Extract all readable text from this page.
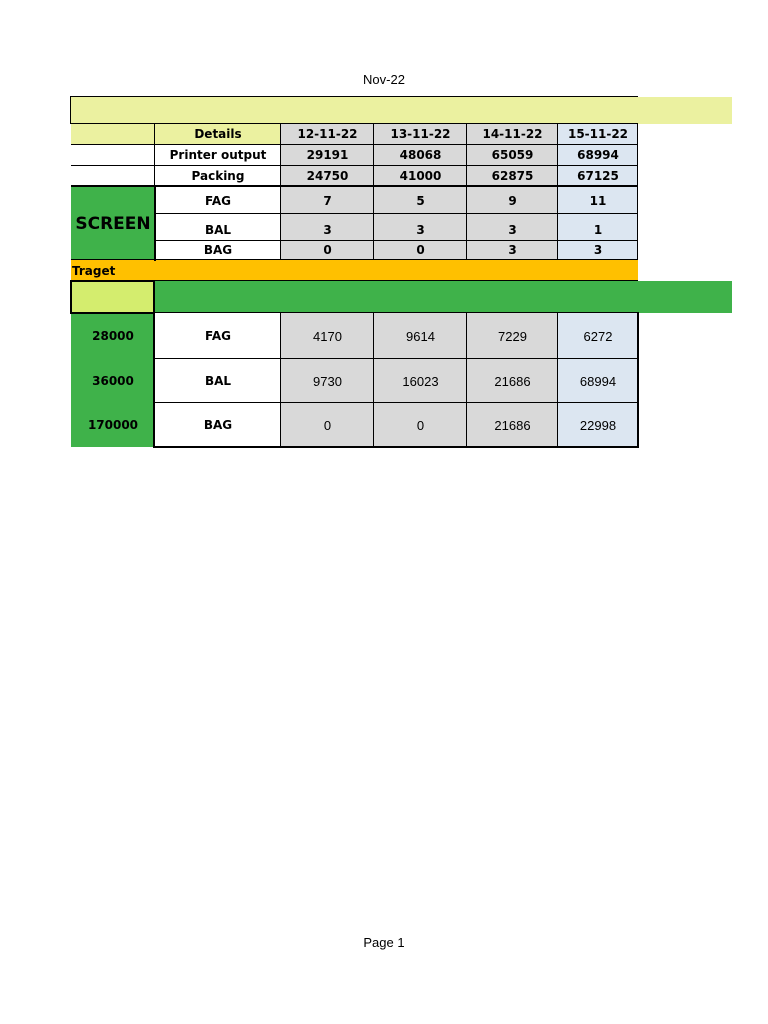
Nov-22
Details	12-11-22	13-11-22	14-11-22	15-11-22
Printer output	29191	48068	65059	68994
Packing	24750	41000	62875	67125
SCREEN
FAG	7	5	9	11
BAL	3	3	3	1
BAG	0	0	3	3
Traget
28000	FAG	4170	9614	7229	6272
36000	BAL	9730	16023	21686	68994
170000	BAG	0	0	21686	22998
Page 1
